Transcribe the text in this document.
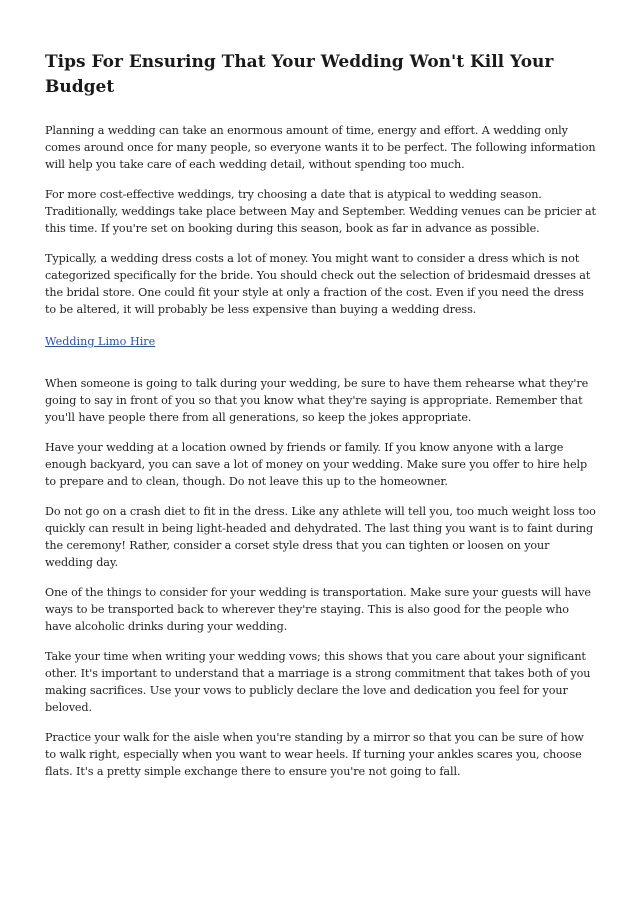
Tips For Ensuring That Your Wedding Won't Kill Your Budget

Planning a wedding can take an enormous amount of time, energy and effort. A wedding only comes around once for many people, so everyone wants it to be perfect. The following information will help you take care of each wedding detail, without spending too much.

For more cost-effective weddings, try choosing a date that is atypical to wedding season. Traditionally, weddings take place between May and September. Wedding venues can be pricier at this time. If you're set on booking during this season, book as far in advance as possible.

Typically, a wedding dress costs a lot of money. You might want to consider a dress which is not categorized specifically for the bride. You should check out the selection of bridesmaid dresses at the bridal store. One could fit your style at only a fraction of the cost. Even if you need the dress to be altered, it will probably be less expensive than buying a wedding dress.

Wedding Limo Hire

When someone is going to talk during your wedding, be sure to have them rehearse what they're going to say in front of you so that you know what they're saying is appropriate. Remember that you'll have people there from all generations, so keep the jokes appropriate.

Have your wedding at a location owned by friends or family. If you know anyone with a large enough backyard, you can save a lot of money on your wedding. Make sure you offer to hire help to prepare and to clean, though. Do not leave this up to the homeowner.

Do not go on a crash diet to fit in the dress. Like any athlete will tell you, too much weight loss too quickly can result in being light-headed and dehydrated. The last thing you want is to faint during the ceremony! Rather, consider a corset style dress that you can tighten or loosen on your wedding day.

One of the things to consider for your wedding is transportation. Make sure your guests will have ways to be transported back to wherever they're staying. This is also good for the people who have alcoholic drinks during your wedding.

Take your time when writing your wedding vows; this shows that you care about your significant other. It's important to understand that a marriage is a strong commitment that takes both of you making sacrifices. Use your vows to publicly declare the love and dedication you feel for your beloved.

Practice your walk for the aisle when you're standing by a mirror so that you can be sure of how to walk right, especially when you want to wear heels. If turning your ankles scares you, choose flats. It's a pretty simple exchange there to ensure you're not going to fall.
